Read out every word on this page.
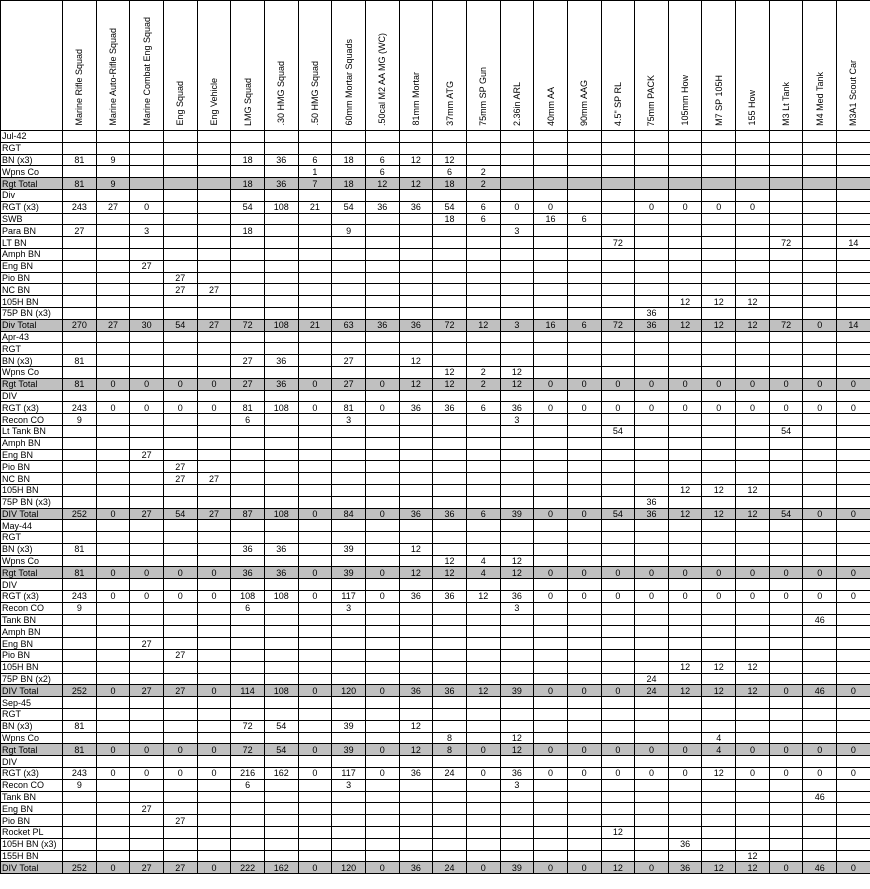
	Marine Rifle Squad	Marine Auto-Rifle Squad	Marine Combat Eng Squad	Eng Squad	Eng Vehicle	LMG Squad	.30 HMG Squad	.50 HMG Squad	60mm Mortar Squads	.50cal M2 AA MG (WC)	81mm Mortar	37mm ATG	75mm SP Gun	2.36in ARL	40mm AA	90mm AAG	4.5" SP RL	75mm PACK	105mm How	M7 SP 105H	155 How	M3 Lt Tank	M4 Med Tank	M3A1 Scout Car
Jul-42																								
RGT																								
BN (x3)	81	9				18	36	6	18	6	12	12												
Wpns Co								1		6		6	2											
Rgt Total	81	9				18	36	7	18	12	12	18	2											
Div																								
RGT (x3)	243	27	0			54	108	21	54	36	36	54	6	0	0			0	0	0	0			
SWB												18	6		16	6								
Para BN	27		3			18			9					3										
LT BN																	72					72		14
Amph BN																								
Eng BN			27																					
Pio BN				27																				
NC BN				27	27																			
105H BN																			12	12	12			
75P BN (x3)																		36						
Div Total	270	27	30	54	27	72	108	21	63	36	36	72	12	3	16	6	72	36	12	12	12	72	0	14
Apr-43																								
RGT																								
BN (x3)	81					27	36		27		12													
Wpns Co												12	2	12										
Rgt Total	81	0	0	0	0	27	36	0	27	0	12	12	2	12	0	0	0	0	0	0	0	0	0	0
DIV																								
RGT (x3)	243	0	0	0	0	81	108	0	81	0	36	36	6	36	0	0	0	0	0	0	0	0	0	0
Recon CO	9					6			3					3										
Lt Tank BN																	54					54		
Amph BN																								
Eng BN			27																					
Pio BN				27																				
NC BN				27	27																			
105H BN																			12	12	12			
75P BN (x3)																		36						
DIV Total	252	0	27	54	27	87	108	0	84	0	36	36	6	39	0	0	54	36	12	12	12	54	0	0
May-44																								
RGT																								
BN (x3)	81					36	36		39		12													
Wpns Co												12	4	12										
Rgt Total	81	0	0	0	0	36	36	0	39	0	12	12	4	12	0	0	0	0	0	0	0	0	0	0
DIV																								
RGT (x3)	243	0	0	0	0	108	108	0	117	0	36	36	12	36	0	0	0	0	0	0	0	0	0	0
Recon CO	9					6			3					3										
Tank BN																							46	
Amph BN																								
Eng BN			27																					
Pio BN				27																				
105H BN																			12	12	12			
75P BN (x2)																		24						
DIV Total	252	0	27	27	0	114	108	0	120	0	36	36	12	39	0	0	0	24	12	12	12	0	46	0
Sep-45																								
RGT																								
BN (x3)	81					72	54		39		12													
Wpns Co												8		12						4				
Rgt Total	81	0	0	0	0	72	54	0	39	0	12	8	0	12	0	0	0	0	0	4	0	0	0	0
DIV																								
RGT (x3)	243	0	0	0	0	216	162	0	117	0	36	24	0	36	0	0	0	0	0	12	0	0	0	0
Recon CO	9					6			3					3										
Tank BN																							46	
Eng BN			27																					
Pio BN				27																				
Rocket PL																	12							
105H BN (x3)																			36					
155H BN																					12			
DIV Total	252	0	27	27	0	222	162	0	120	0	36	24	0	39	0	0	12	0	36	12	12	0	46	0
